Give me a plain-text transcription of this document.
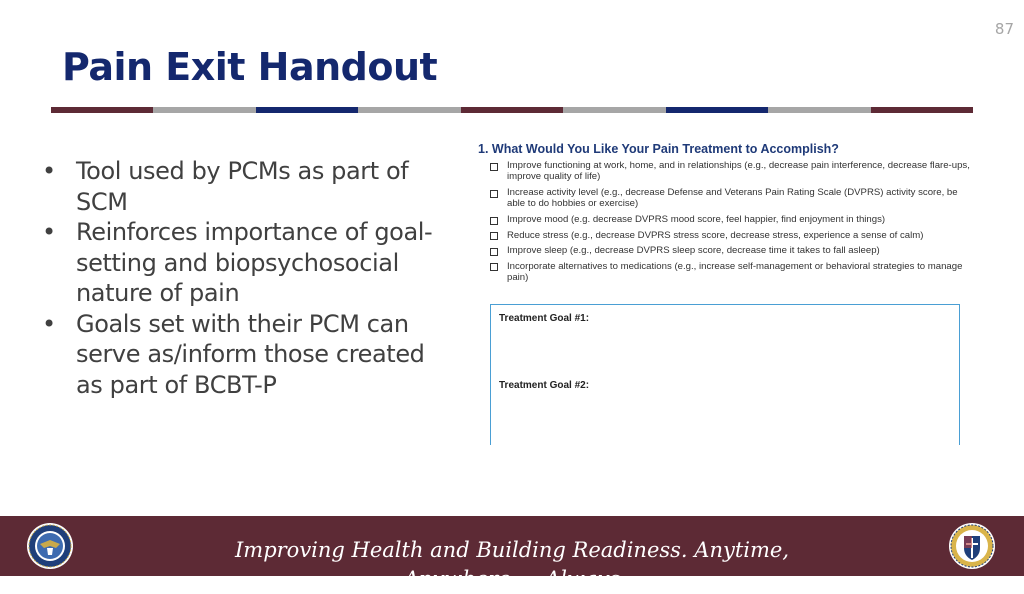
87
Pain Exit Handout
• Tool used by PCMs as part of SCM
• Reinforces importance of goal-setting and biopsychosocial nature of pain
• Goals set with their PCM can serve as/inform those created as part of BCBT-P
1. What Would You Like Your Pain Treatment to Accomplish?
Improve functioning at work, home, and in relationships (e.g., decrease pain interference, decrease flare-ups, improve quality of life)
Increase activity level (e.g., decrease Defense and Veterans Pain Rating Scale (DVPRS) activity score, be able to do hobbies or exercise)
Improve mood (e.g. decrease DVPRS mood score, feel happier, find enjoyment in things)
Reduce stress (e.g., decrease DVPRS stress score, decrease stress, experience a sense of calm)
Improve sleep (e.g., decrease DVPRS sleep score, decrease time it takes to fall asleep)
Incorporate alternatives to medications (e.g., increase self-management or behavioral strategies to manage pain)
Treatment Goal #1:
Treatment Goal #2:
Improving Health and Building Readiness. Anytime, Anywhere — Always
